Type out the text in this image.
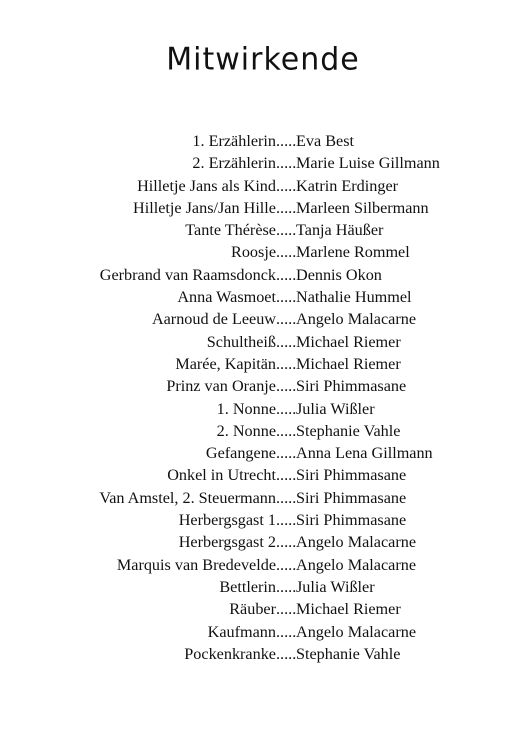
Mitwirkende
1. Erzählerin ..... Eva Best
2. Erzählerin ..... Marie Luise Gillmann
Hilletje Jans als Kind ..... Katrin Erdinger
Hilletje Jans/Jan Hille ..... Marleen Silbermann
Tante Thérèse ..... Tanja Häußer
Roosje ..... Marlene Rommel
Gerbrand van Raamsdonck ..... Dennis Okon
Anna Wasmoet ..... Nathalie Hummel
Aarnoud de Leeuw ..... Angelo Malacarne
Schultheiß ..... Michael Riemer
Marée, Kapitän ..... Michael Riemer
Prinz van Oranje ..... Siri Phimmasane
1. Nonne ..... Julia Wißler
2. Nonne ..... Stephanie Vahle
Gefangene ..... Anna Lena Gillmann
Onkel in Utrecht ..... Siri Phimmasane
Van Amstel, 2. Steuermann ..... Siri Phimmasane
Herbergsgast 1 ..... Siri Phimmasane
Herbergsgast 2 ..... Angelo Malacarne
Marquis van Bredevelde ..... Angelo Malacarne
Bettlerin ..... Julia Wißler
Räuber ..... Michael Riemer
Kaufmann ..... Angelo Malacarne
Pockenkranke ..... Stephanie Vahle
